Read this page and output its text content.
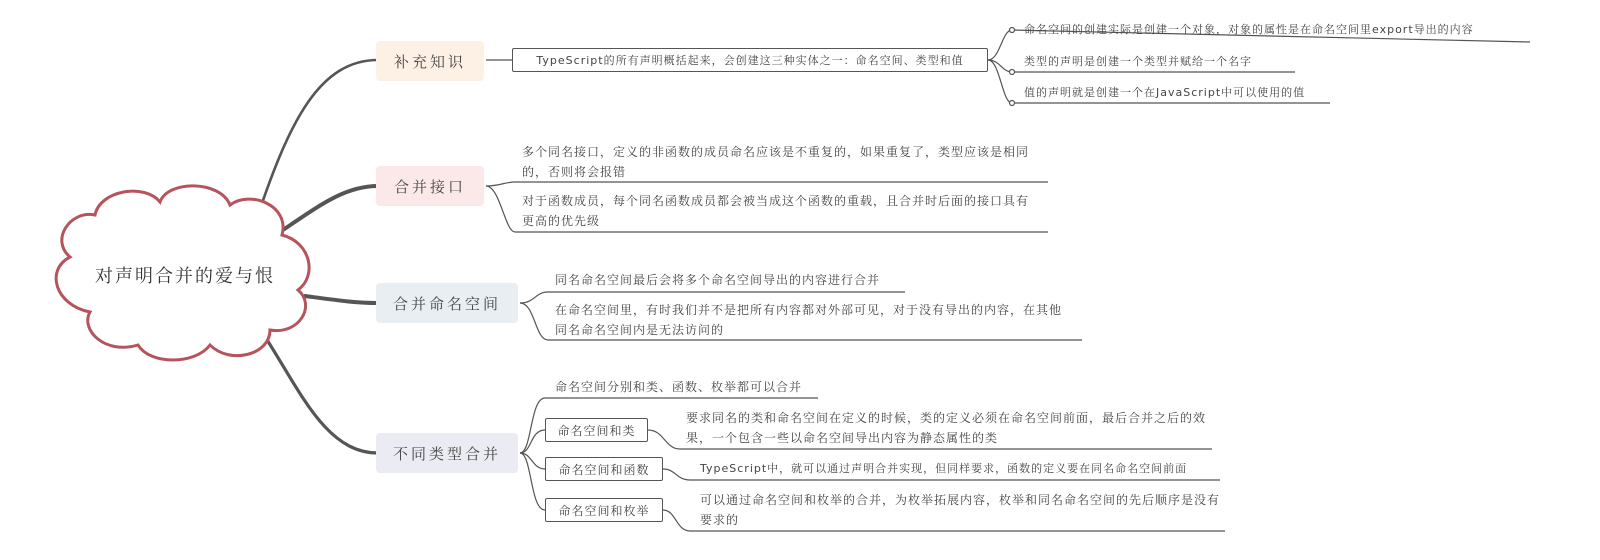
对声明合并的爱与恨
补充知识
合并接口
合并命名空间
不同类型合并
TypeScript的所有声明概括起来，会创建这三种实体之一：命名空间、类型和值
命名空间的创建实际是创建一个对象，对象的属性是在命名空间里export导出的内容
类型的声明是创建一个类型并赋给一个名字
值的声明就是创建一个在JavaScript中可以使用的值
多个同名接口，定义的非函数的成员命名应该是不重复的，如果重复了，类型应该是相同的，否则将会报错
对于函数成员，每个同名函数成员都会被当成这个函数的重载，且合并时后面的接口具有更高的优先级
同名命名空间最后会将多个命名空间导出的内容进行合并
在命名空间里，有时我们并不是把所有内容都对外部可见，对于没有导出的内容，在其他同名命名空间内是无法访问的
命名空间分别和类、函数、枚举都可以合并
命名空间和类
要求同名的类和命名空间在定义的时候，类的定义必须在命名空间前面，最后合并之后的效果，一个包含一些以命名空间导出内容为静态属性的类
命名空间和函数	TypeScript中，就可以通过声明合并实现，但同样要求，函数的定义要在同名命名空间前面
命名空间和枚举
可以通过命名空间和枚举的合并，为枚举拓展内容，枚举和同名命名空间的先后顺序是没有要求的
